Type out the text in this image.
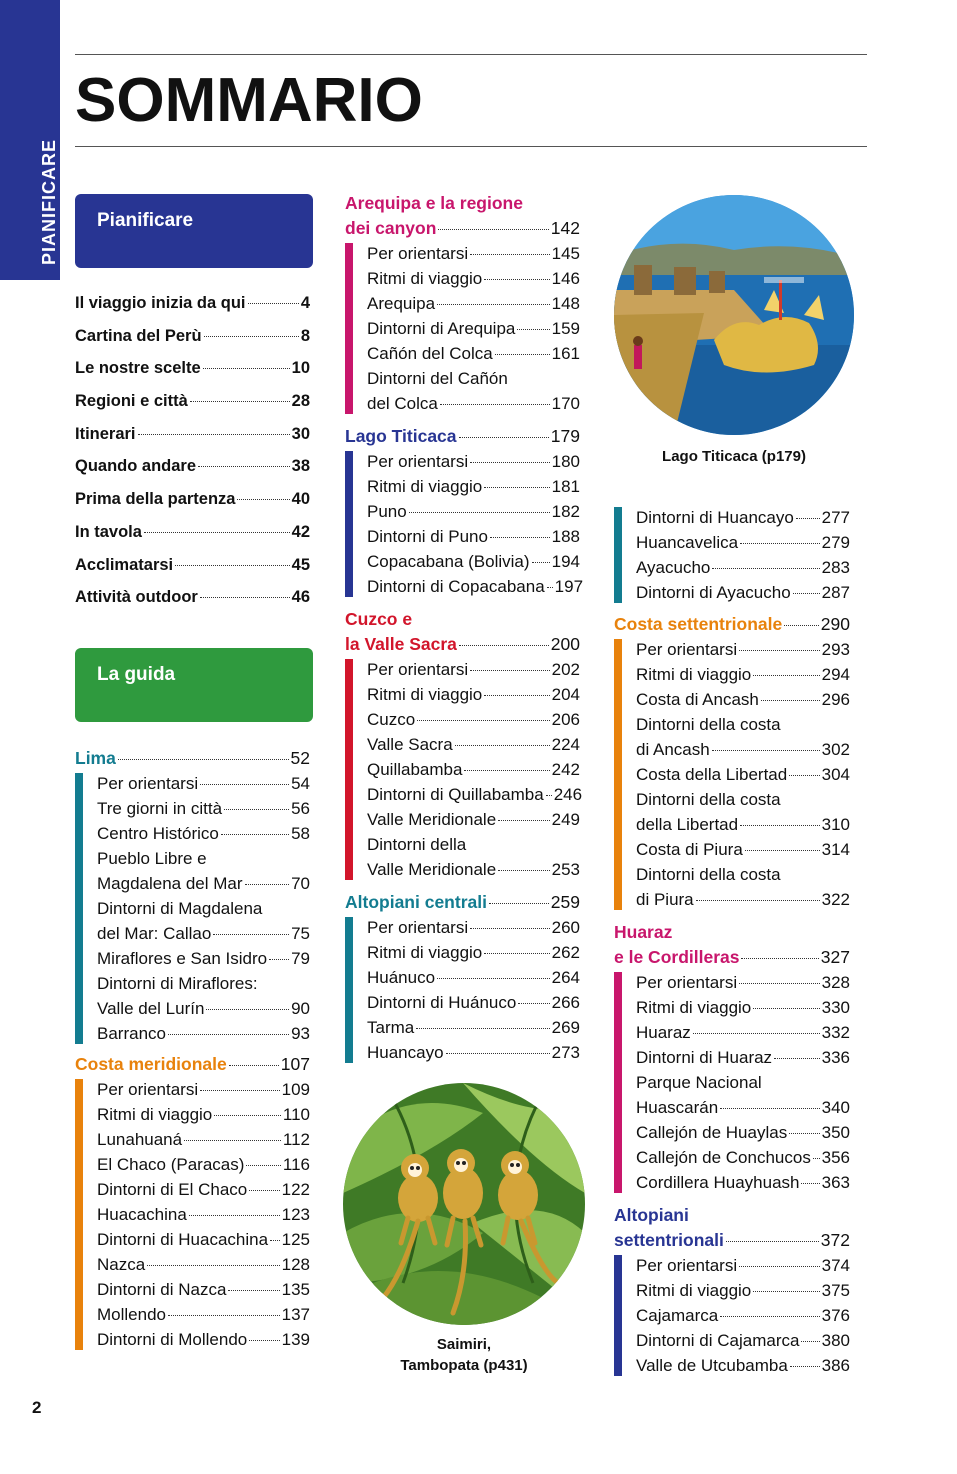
PIANIFICARE
SOMMARIO
Pianificare
Il viaggio inizia da qui	4
Cartina del Perù	8
Le nostre scelte	10
Regioni e città	28
Itinerari	30
Quando andare	38
Prima della partenza	40
In tavola	42
Acclimatarsi	45
Attività outdoor	46
La guida
Lima	52
Per orientarsi	54
Tre giorni in città	56
Centro Histórico	58
Pueblo Libre e
Magdalena del Mar	70
Dintorni di Magdalena
del Mar: Callao	75
Miraflores e San Isidro 79
Dintorni di Miraflores:
Valle del Lurín	90
Barranco	93
Costa meridionale	107
Per orientarsi	109
Ritmi di viaggio	110
Lunahuaná	112
El Chaco (Paracas) 116
Dintorni di El Chaco 122
Huacachina	123
Dintorni di Huacachina 125
Nazca	128
Dintorni di Nazca	135
Mollendo	137
Dintorni di Mollendo 139
Arequipa e la regione
dei canyon	142
Per orientarsi	145
Ritmi di viaggio	146
Arequipa	148
Dintorni di Arequipa 159
Cañón del Colca	161
Dintorni del Cañón
del Colca	170
Lago Titicaca	179
Per orientarsi	180
Ritmi di viaggio	181
Puno	182
Dintorni di Puno	188
Copacabana (Bolivia) 194
Dintorni di Copacabana 197
Cuzco e
la Valle Sacra	200
Per orientarsi	202
Ritmi di viaggio	204
Cuzco	206
Valle Sacra	224
Quillabamba	242
Dintorni di Quillabamba 246
Valle Meridionale	249
Dintorni della
Valle Meridionale	253
Altopiani centrali	259
Per orientarsi	260
Ritmi di viaggio	262
Huánuco	264
Dintorni di Huánuco 266
Tarma	269
Huancayo	273
Saimiri,
Tambopata (p431)
Lago Titicaca (p179)
Dintorni di Huancayo 277
Huancavelica	279
Ayacucho	283
Dintorni di Ayacucho 287
Costa settentrionale 290
Per orientarsi	293
Ritmi di viaggio	294
Costa di Ancash	296
Dintorni della costa
di Ancash	302
Costa della Libertad 304
Dintorni della costa
della Libertad	310
Costa di Piura	314
Dintorni della costa
di Piura	322
Huaraz
e le Cordilleras	327
Per orientarsi	328
Ritmi di viaggio	330
Huaraz	332
Dintorni di Huaraz	336
Parque Nacional
Huascarán	340
Callejón de Huaylas 350
Callejón de Conchucos 356
Cordillera Huayhuash 363
Altopiani
settentrionali	372
Per orientarsi	374
Ritmi di viaggio	375
Cajamarca	376
Dintorni di Cajamarca 380
Valle de Utcubamba 386
2
